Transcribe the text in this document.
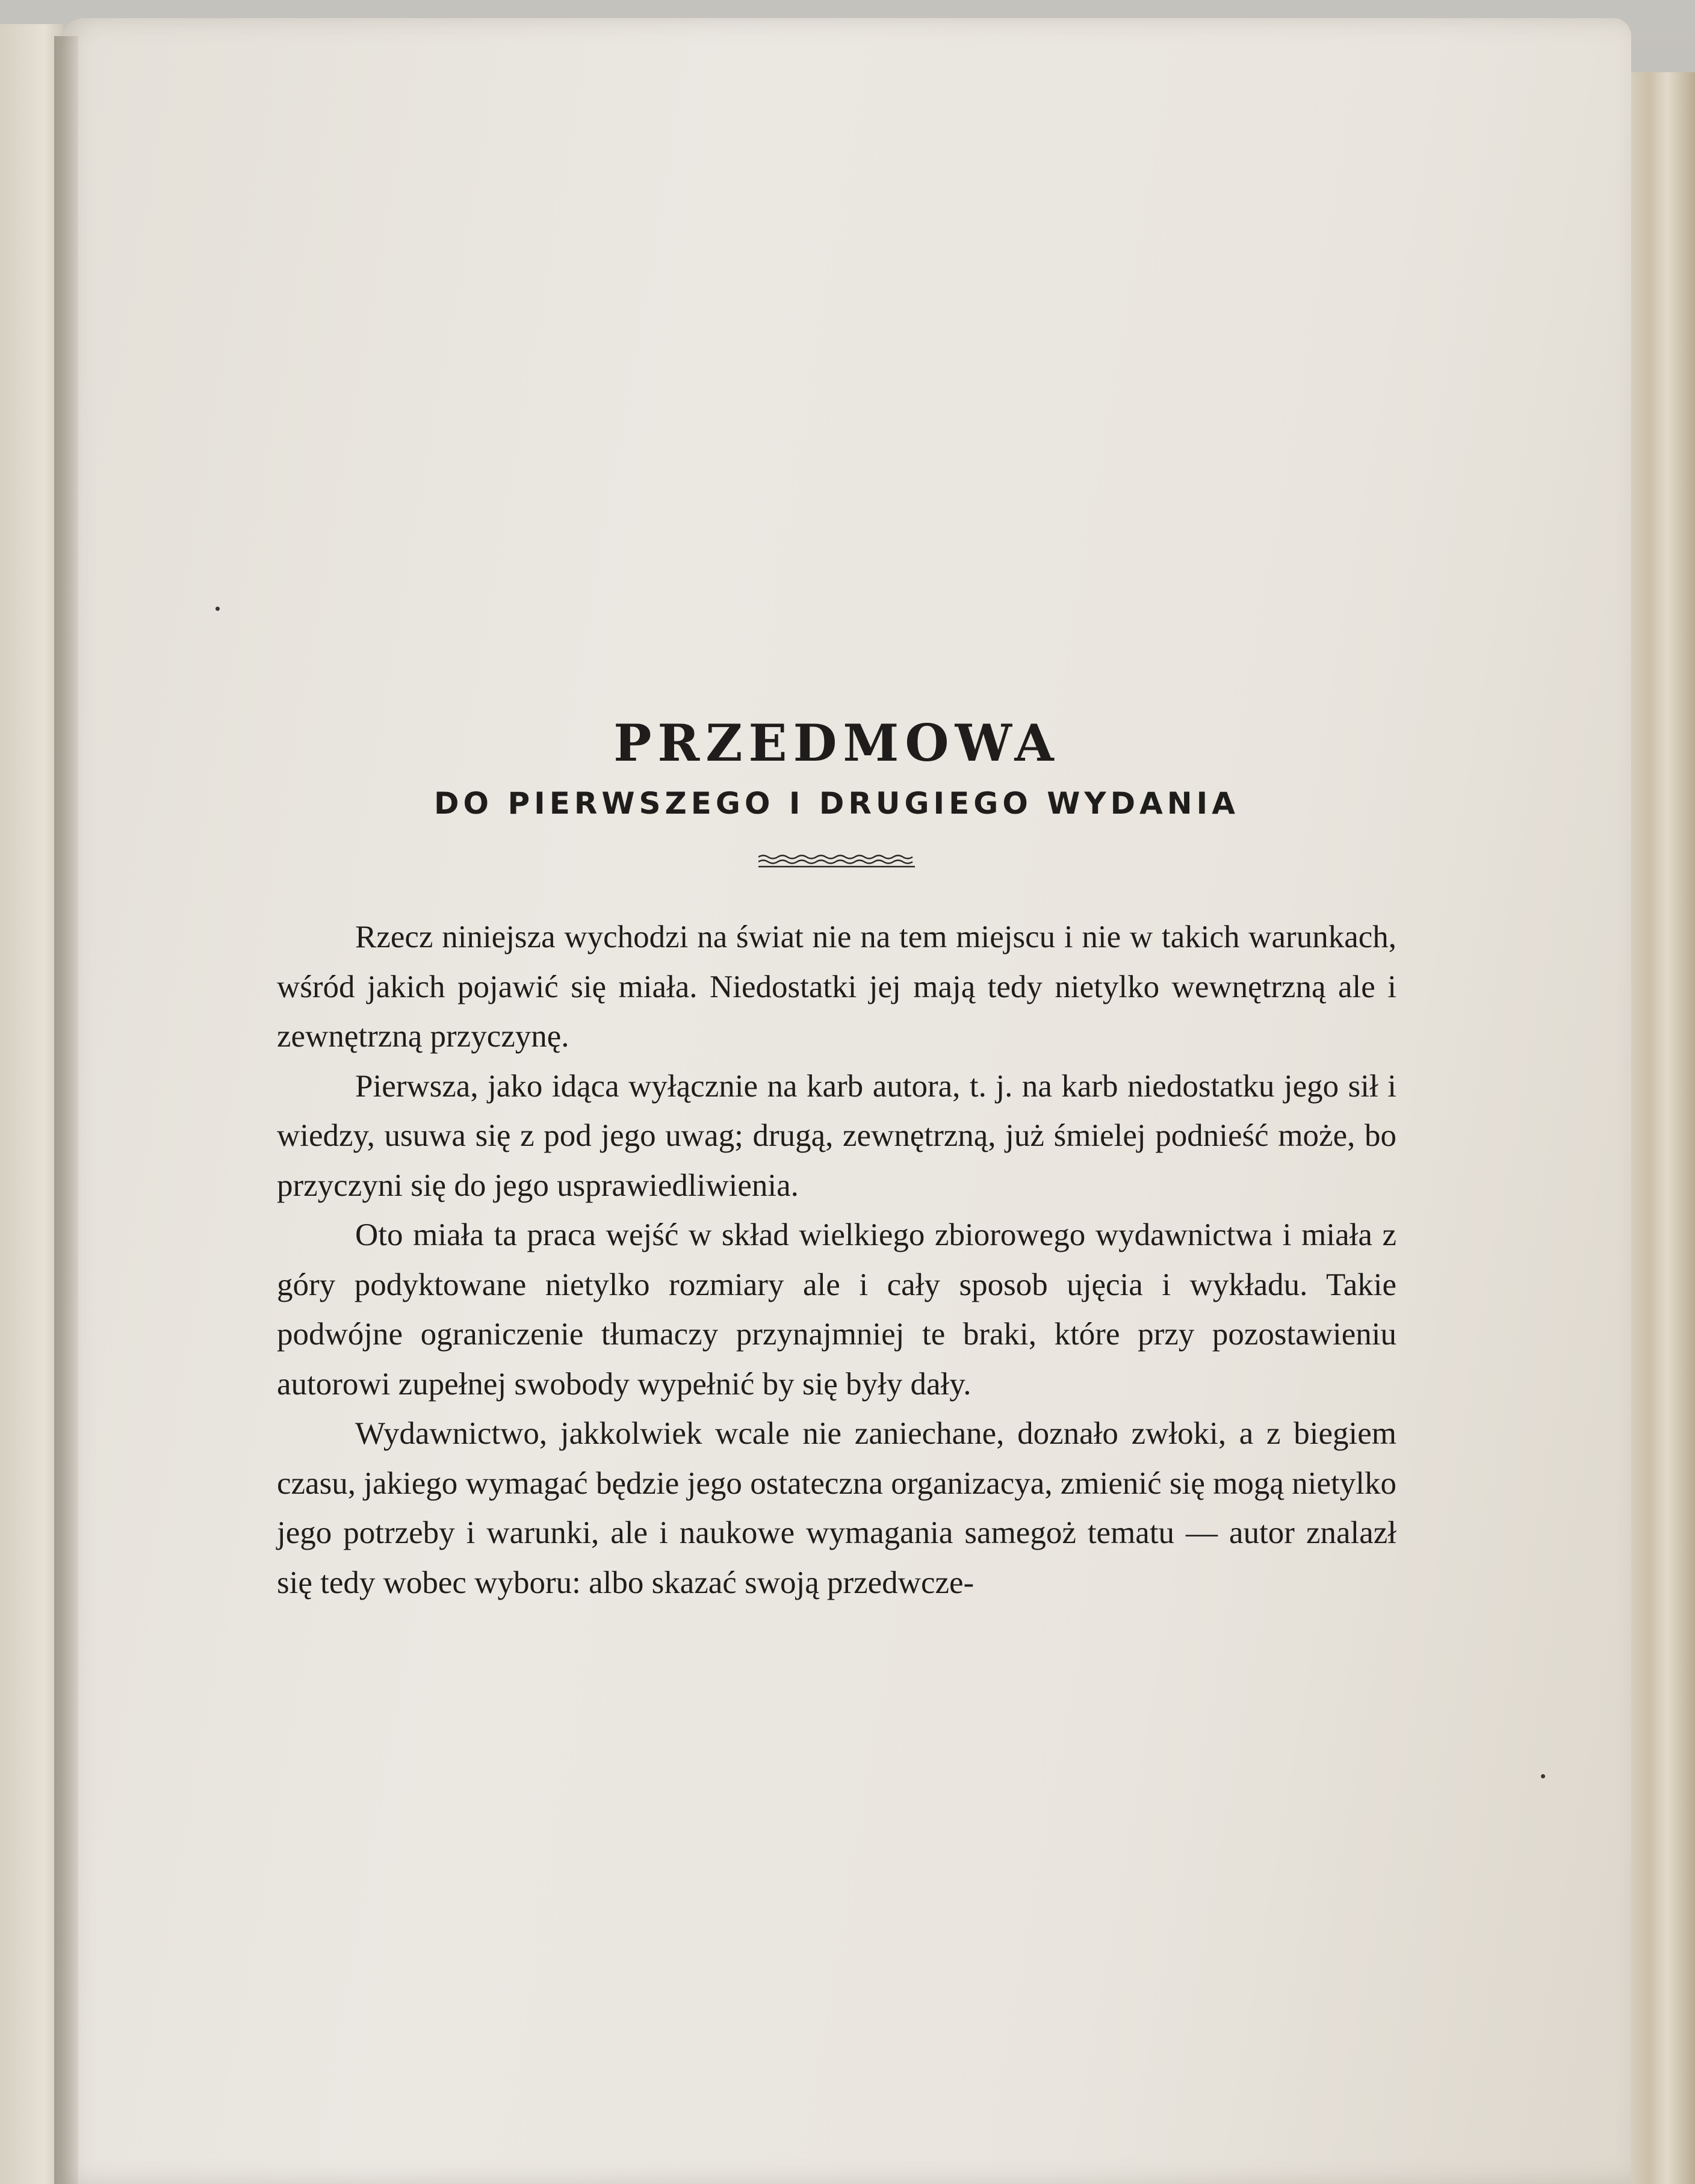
PRZEDMOWA
DO PIERWSZEGO I DRUGIEGO WYDANIA

Rzecz niniejsza wychodzi na świat nie na tem miejscu i nie w takich warunkach, wśród jakich pojawić się miała. Niedostatki jej mają tedy nietylko wewnętrzną ale i zewnętrzną przyczynę.

Pierwsza, jako idąca wyłącznie na karb autora, t. j. na karb niedostatku jego sił i wiedzy, usuwa się z pod jego uwag; drugą, zewnętrzną, już śmielej podnieść może, bo przyczyni się do jego usprawiedliwienia.

Oto miała ta praca wejść w skład wielkiego zbiorowego wydawnictwa i miała z góry podyktowane nietylko rozmiary ale i cały sposob ujęcia i wykładu. Takie podwójne ograniczenie tłumaczy przynajmniej te braki, które przy pozostawieniu autorowi zupełnej swobody wypełnić by się były dały.

Wydawnictwo, jakkolwiek wcale nie zaniechane, doznało zwłoki, a z biegiem czasu, jakiego wymagać będzie jego ostateczna organizacya, zmienić się mogą nietylko jego potrzeby i warunki, ale i naukowe wymagania samegoż tematu — autor znalazł się tedy wobec wyboru: albo skazać swoją przedwcze-
